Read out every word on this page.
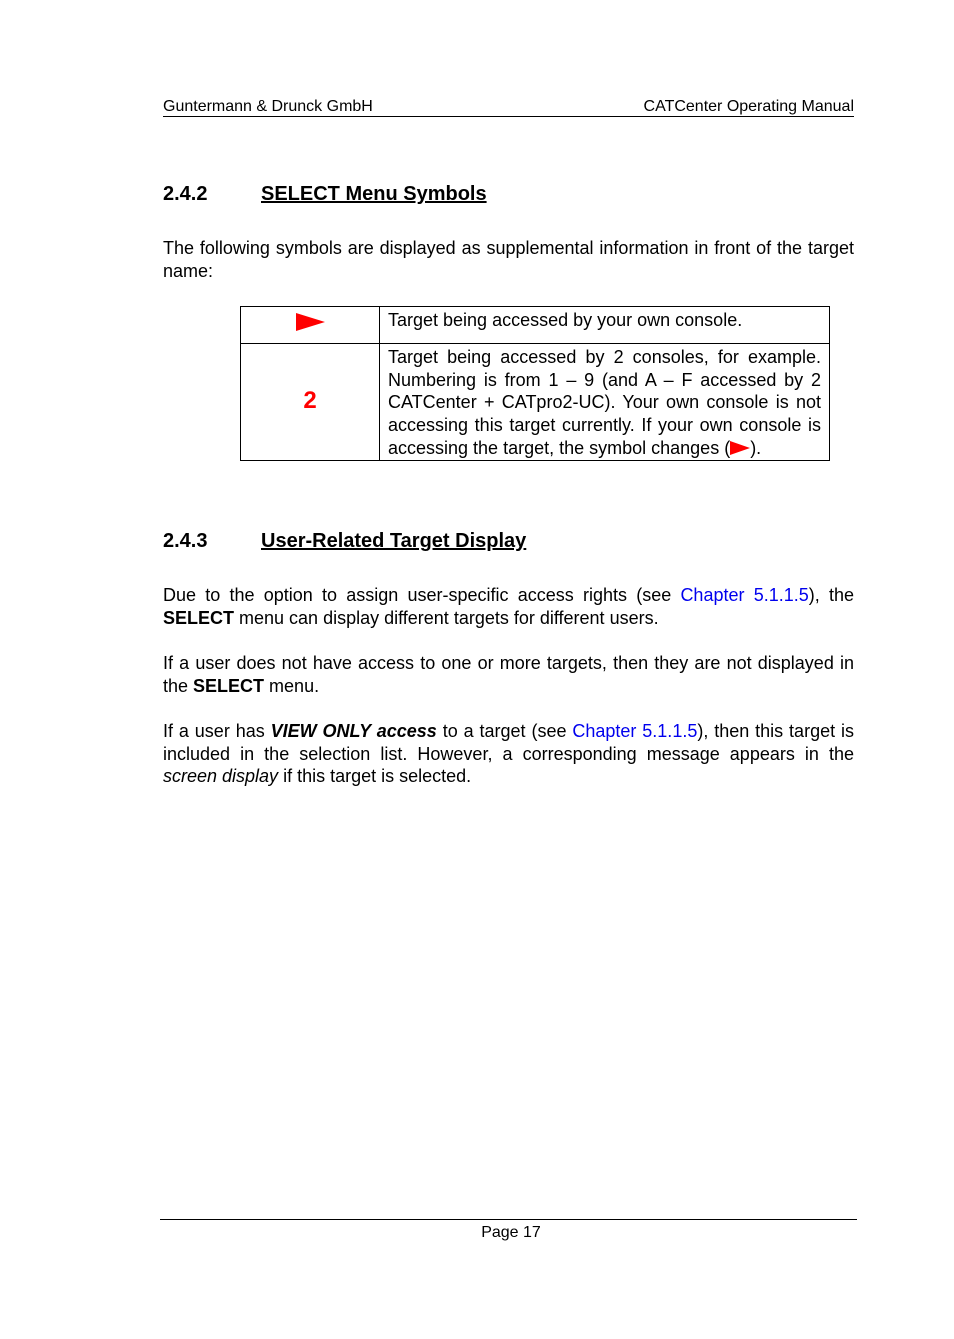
Guntermann & Drunck GmbH	CATCenter Operating Manual
2.4.2	SELECT Menu Symbols
The following symbols are displayed as supplemental information in front of the target name:
	Target being accessed by your own console.
2	Target being accessed by 2 consoles, for example. Numbering is from 1 – 9 (and A – F accessed by 2 CATCenter + CATpro2-UC). Your own console is not accessing this target currently. If your own console is accessing the target, the symbol changes ( ).
2.4.3	User-Related Target Display
Due to the option to assign user-specific access rights (see Chapter 5.1.1.5), the SELECT menu can display different targets for different users.
If a user does not have access to one or more targets, then they are not displayed in the SELECT menu.
If a user has VIEW ONLY access to a target (see Chapter 5.1.1.5), then this target is included in the selection list. However, a corresponding message appears in the screen display if this target is selected.
Page 17
